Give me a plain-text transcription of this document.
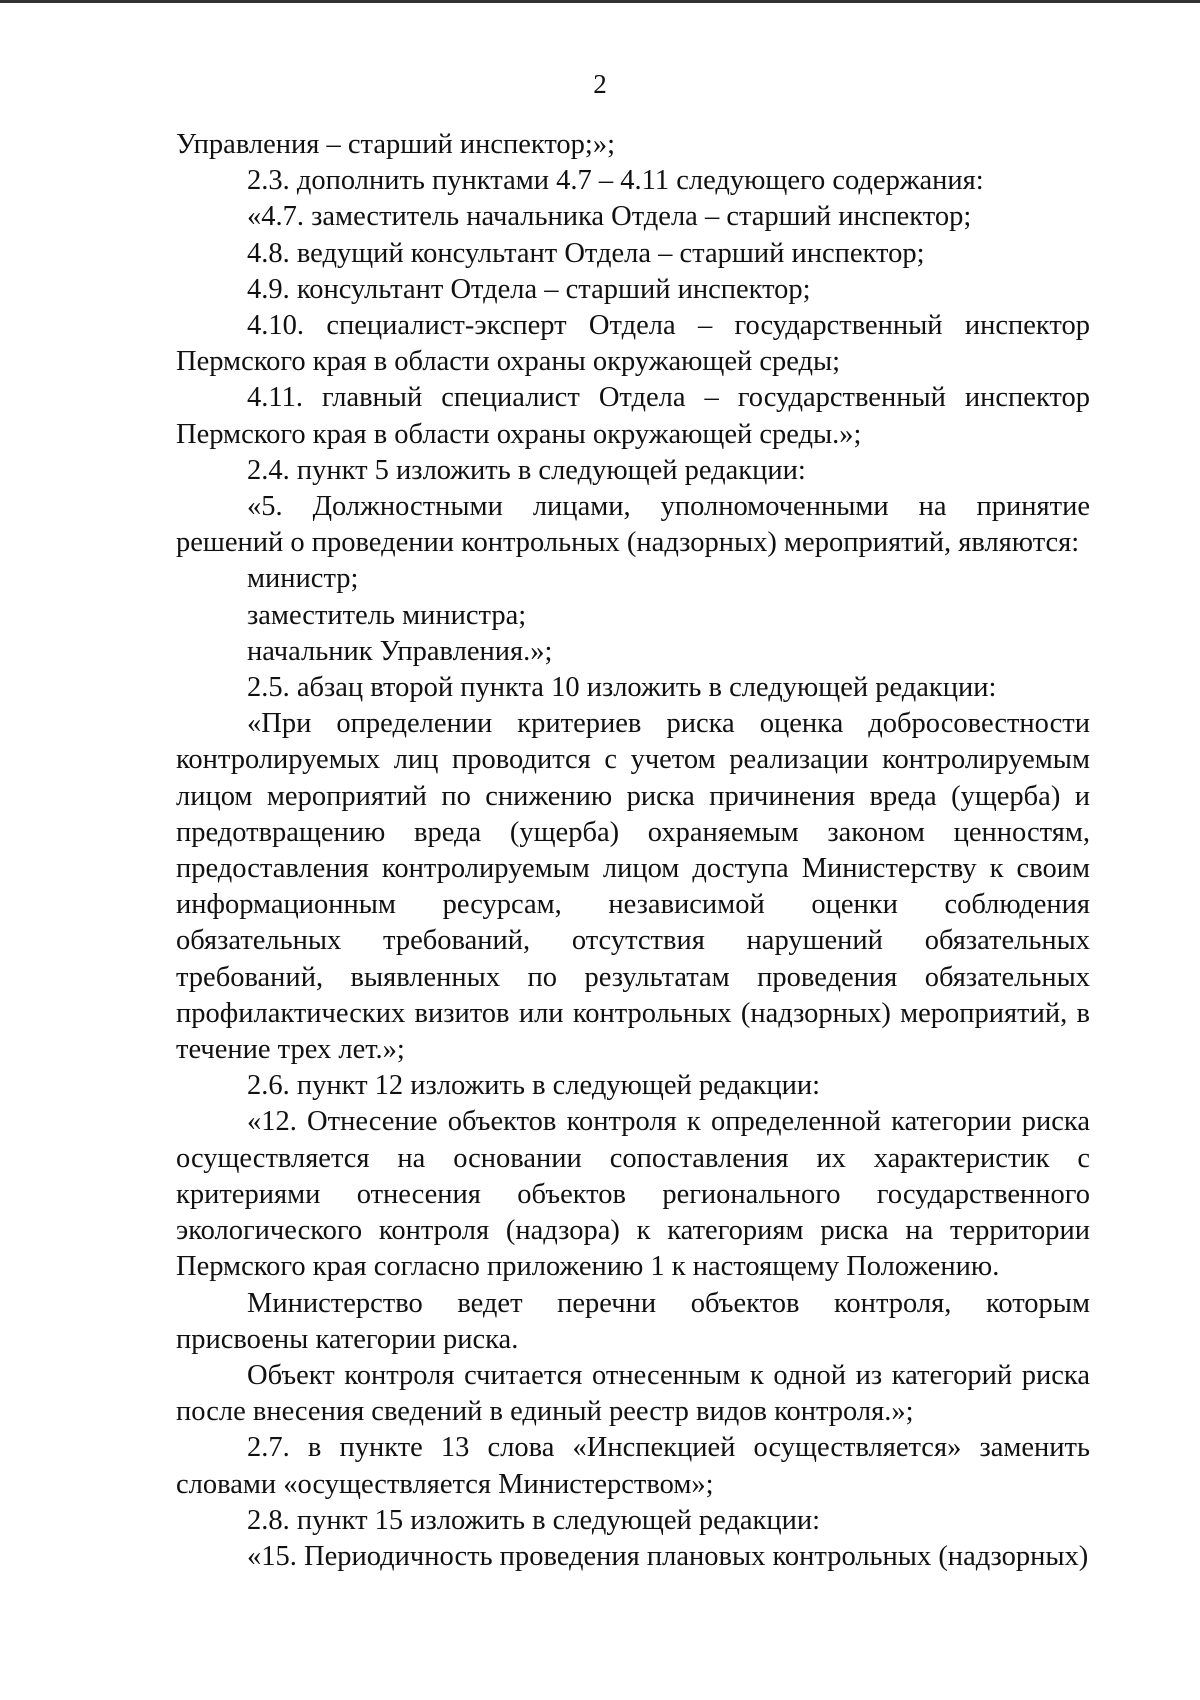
2

Управления – старший инспектор;»;

2.3. дополнить пунктами 4.7 – 4.11 следующего содержания:

«4.7. заместитель начальника Отдела – старший инспектор;

4.8. ведущий консультант Отдела – старший инспектор;

4.9. консультант Отдела – старший инспектор;

4.10. специалист-эксперт Отдела – государственный инспектор Пермского края в области охраны окружающей среды;

4.11. главный специалист Отдела – государственный инспектор Пермского края в области охраны окружающей среды.»;

2.4. пункт 5 изложить в следующей редакции:

«5. Должностными лицами, уполномоченными на принятие решений о проведении контрольных (надзорных) мероприятий, являются:

министр;

заместитель министра;

начальник Управления.»;

2.5. абзац второй пункта 10 изложить в следующей редакции:

«При определении критериев риска оценка добросовестности контролируемых лиц проводится с учетом реализации контролируемым лицом мероприятий по снижению риска причинения вреда (ущерба) и предотвращению вреда (ущерба) охраняемым законом ценностям, предоставления контролируемым лицом доступа Министерству к своим информационным ресурсам, независимой оценки соблюдения обязательных требований, отсутствия нарушений обязательных требований, выявленных по результатам проведения обязательных профилактических визитов или контрольных (надзорных) мероприятий, в течение трех лет.»;

2.6. пункт 12 изложить в следующей редакции:

«12. Отнесение объектов контроля к определенной категории риска осуществляется на основании сопоставления их характеристик с критериями отнесения объектов регионального государственного экологического контроля (надзора) к категориям риска на территории Пермского края согласно приложению 1 к настоящему Положению.

Министерство ведет перечни объектов контроля, которым присвоены категории риска.

Объект контроля считается отнесенным к одной из категорий риска после внесения сведений в единый реестр видов контроля.»;

2.7. в пункте 13 слова «Инспекцией осуществляется» заменить словами «осуществляется Министерством»;

2.8. пункт 15 изложить в следующей редакции:

«15. Периодичность проведения плановых контрольных (надзорных)
